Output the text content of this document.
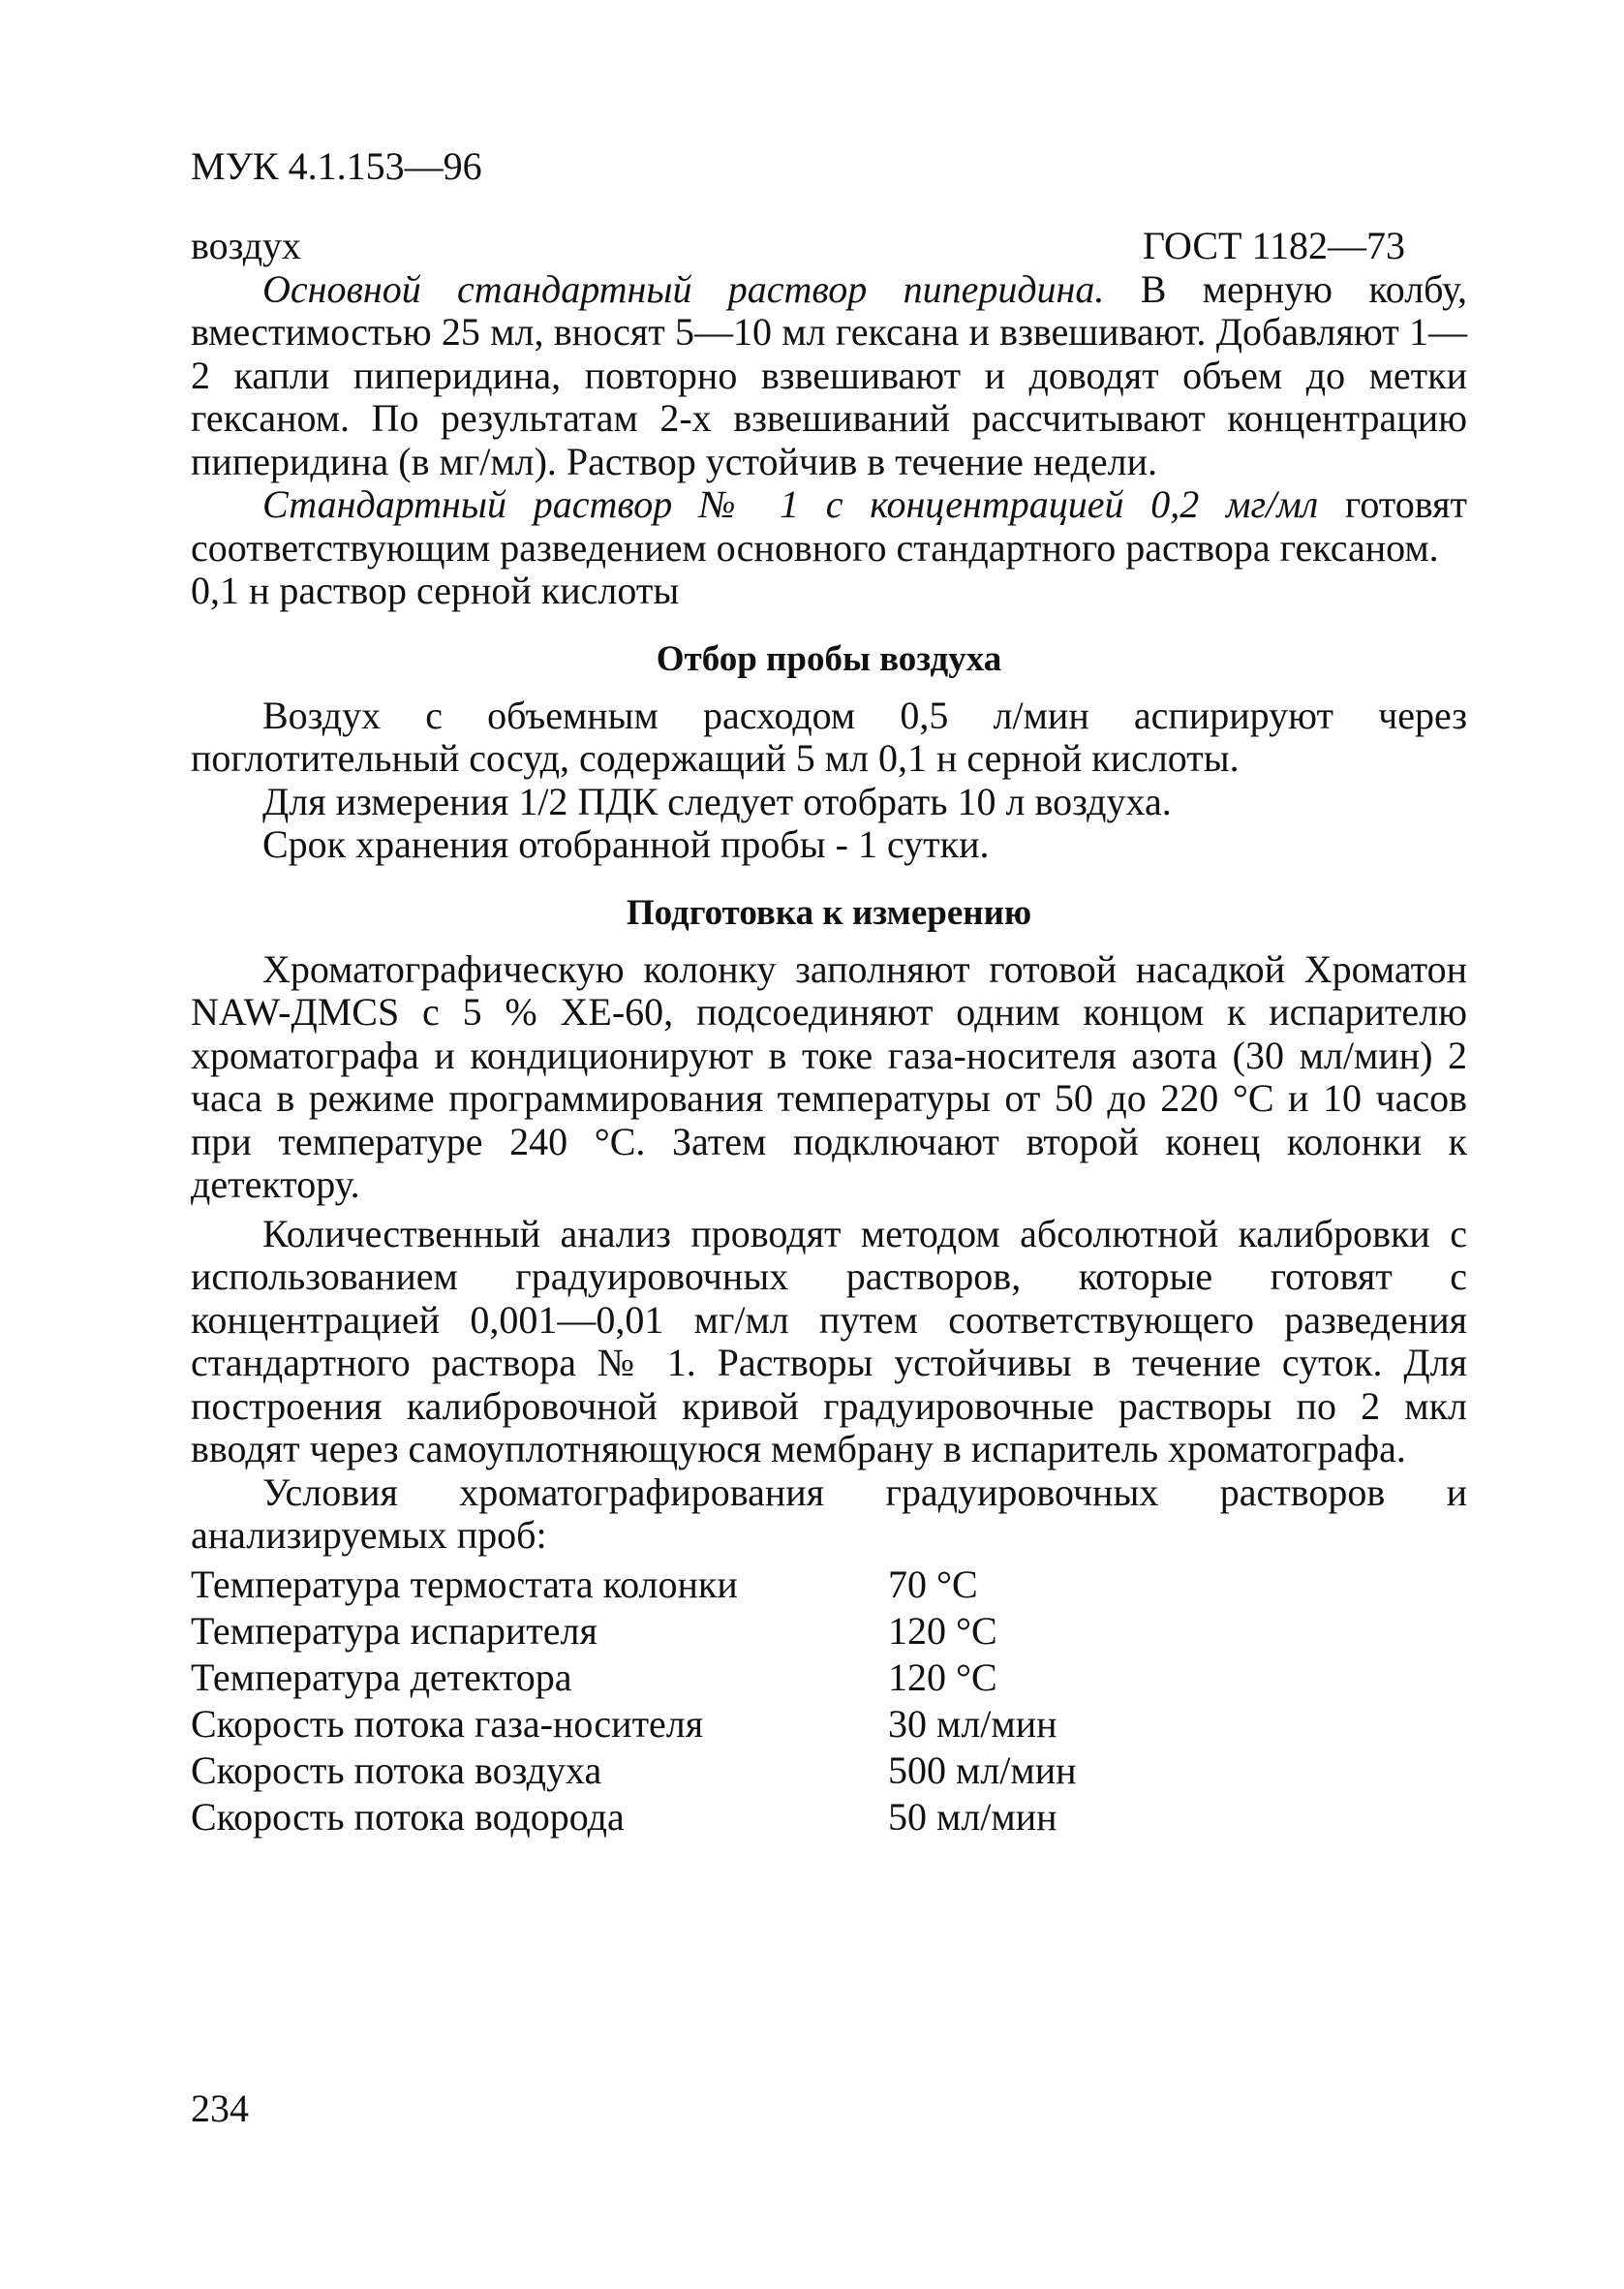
МУК 4.1.153—96
воздух	ГОСТ 1182—73

Основной стандартный раствор пиперидина. В мерную колбу, вместимостью 25 мл, вносят 5—10 мл гексана и взвешивают. Добавляют 1—2 капли пиперидина, повторно взвешивают и доводят объем до метки гексаном. По результатам 2-х взвешиваний рассчитывают концентрацию пиперидина (в мг/мл). Раствор устойчив в течение недели.

Стандартный раствор № 1 с концентрацией 0,2 мг/мл готовят соответствующим разведением основного стандартного раствора гексаном.

0,1 н раствор серной кислоты

Отбор пробы воздуха

Воздух с объемным расходом 0,5 л/мин аспирируют через поглотительный сосуд, содержащий 5 мл 0,1 н серной кислоты.

Для измерения 1/2 ПДК следует отобрать 10 л воздуха.

Срок хранения отобранной пробы - 1 сутки.

Подготовка к измерению

Хроматографическую колонку заполняют готовой насадкой Хроматон NAW-ДМCS с 5 % XE-60, подсоединяют одним концом к испарителю хроматографа и кондиционируют в токе газа-носителя азота (30 мл/мин) 2 часа в режиме программирования температуры от 50 до 220 °С и 10 часов при температуре 240 °С. Затем подключают второй конец колонки к детектору.

Количественный анализ проводят методом абсолютной калибровки с использованием градуировочных растворов, которые готовят с концентрацией 0,001—0,01 мг/мл путем соответствующего разведения стандартного раствора № 1. Растворы устойчивы в течение суток. Для построения калибровочной кривой градуировочные растворы по 2 мкл вводят через самоуплотняющуюся мембрану в испаритель хроматографа.

Условия хроматографирования градуировочных растворов и анализируемых проб:

Температура термостата колонки	70 °С
Температура испарителя	120 °С
Температура детектора	120 °С
Скорость потока газа-носителя	30 мл/мин
Скорость потока воздуха	500 мл/мин
Скорость потока водорода	50 мл/мин
234
